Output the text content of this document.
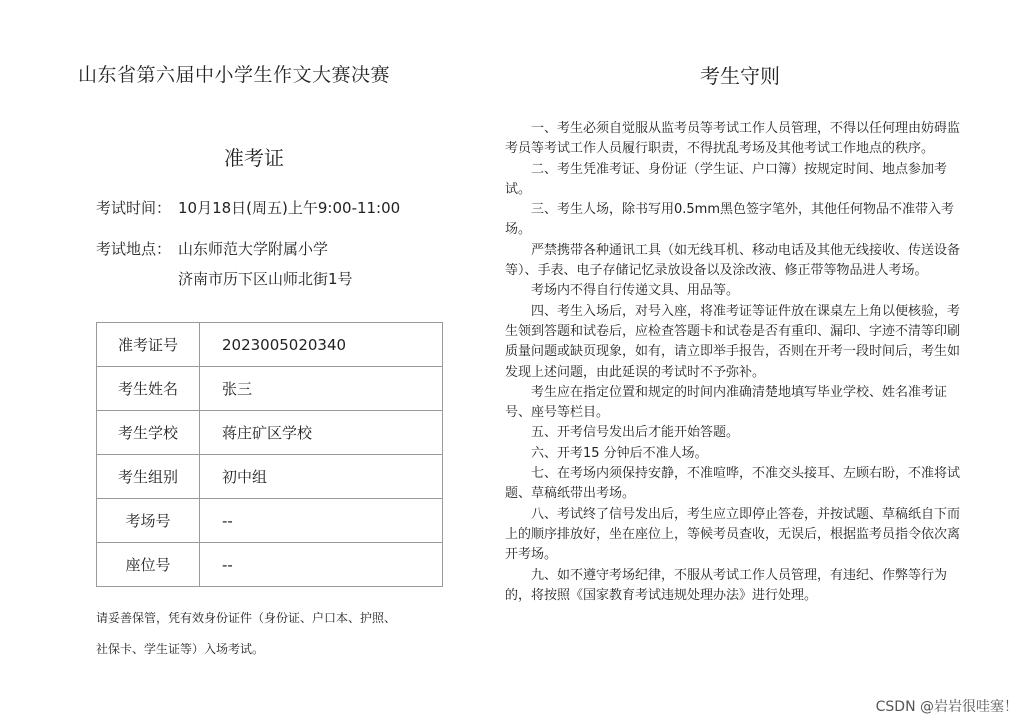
山东省第六届中小学生作文大赛决赛
准考证
考试时间： 10月18日(周五)上午9:00-11:00
考试地点： 山东师范大学附属小学
济南市历下区山师北街1号
准考证号	2023005020340
考生姓名	张三
考生学校	蒋庄矿区学校
考生组别	初中组
考场号	--
座位号	--
请妥善保管，凭有效身份证件（身份证、户口本、护照、
社保卡、学生证等）入场考试。
考生守则

一、考生必须自觉服从监考员等考试工作人员管理，不得以任何理由妨碍监考员等考试工作人员履行职责，不得扰乱考场及其他考试工作地点的秩序。

二、考生凭准考证、身份证（学生证、户口簿）按规定时间、地点参加考试。

三、考生人场，除书写用0.5mm黑色签字笔外，其他任何物品不准带入考场。

严禁携带各种通讯工具（如无线耳机、移动电话及其他无线接收、传送设备等）、手表、电子存储记忆录放设备以及涂改液、修正带等物品进人考场。

考场内不得自行传递文具、用品等。

四、考生入场后，对号入座，将准考证等证件放在课桌左上角以便核验，考生领到答题和试卷后，应检查答题卡和试卷是否有重印、漏印、字迹不清等印刷质量问题或缺页现象，如有，请立即举手报告，否则在开考一段时间后，考生如发现上述问题，由此延误的考试时不予弥补。

考生应在指定位置和规定的时间内准确清楚地填写毕业学校、姓名准考证号、座号等栏目。

五、开考信号发出后才能开始答题。

六、开考15 分钟后不准人场。

七、在考场内须保持安静，不准喧哗，不准交头接耳、左顾右盼，不准将试题、草稿纸带出考场。

八、考试终了信号发出后，考生应立即停止答卷，并按试题、草稿纸自下而上的顺序排放好，坐在座位上，等候考员查收，无误后，根据监考员指令依次离开考场。

九、如不遵守考场纪律，不服从考试工作人员管理，有违纪、作弊等行为的，将按照《国家教育考试违规处理办法》进行处理。

CSDN @岩岩很哇塞！
